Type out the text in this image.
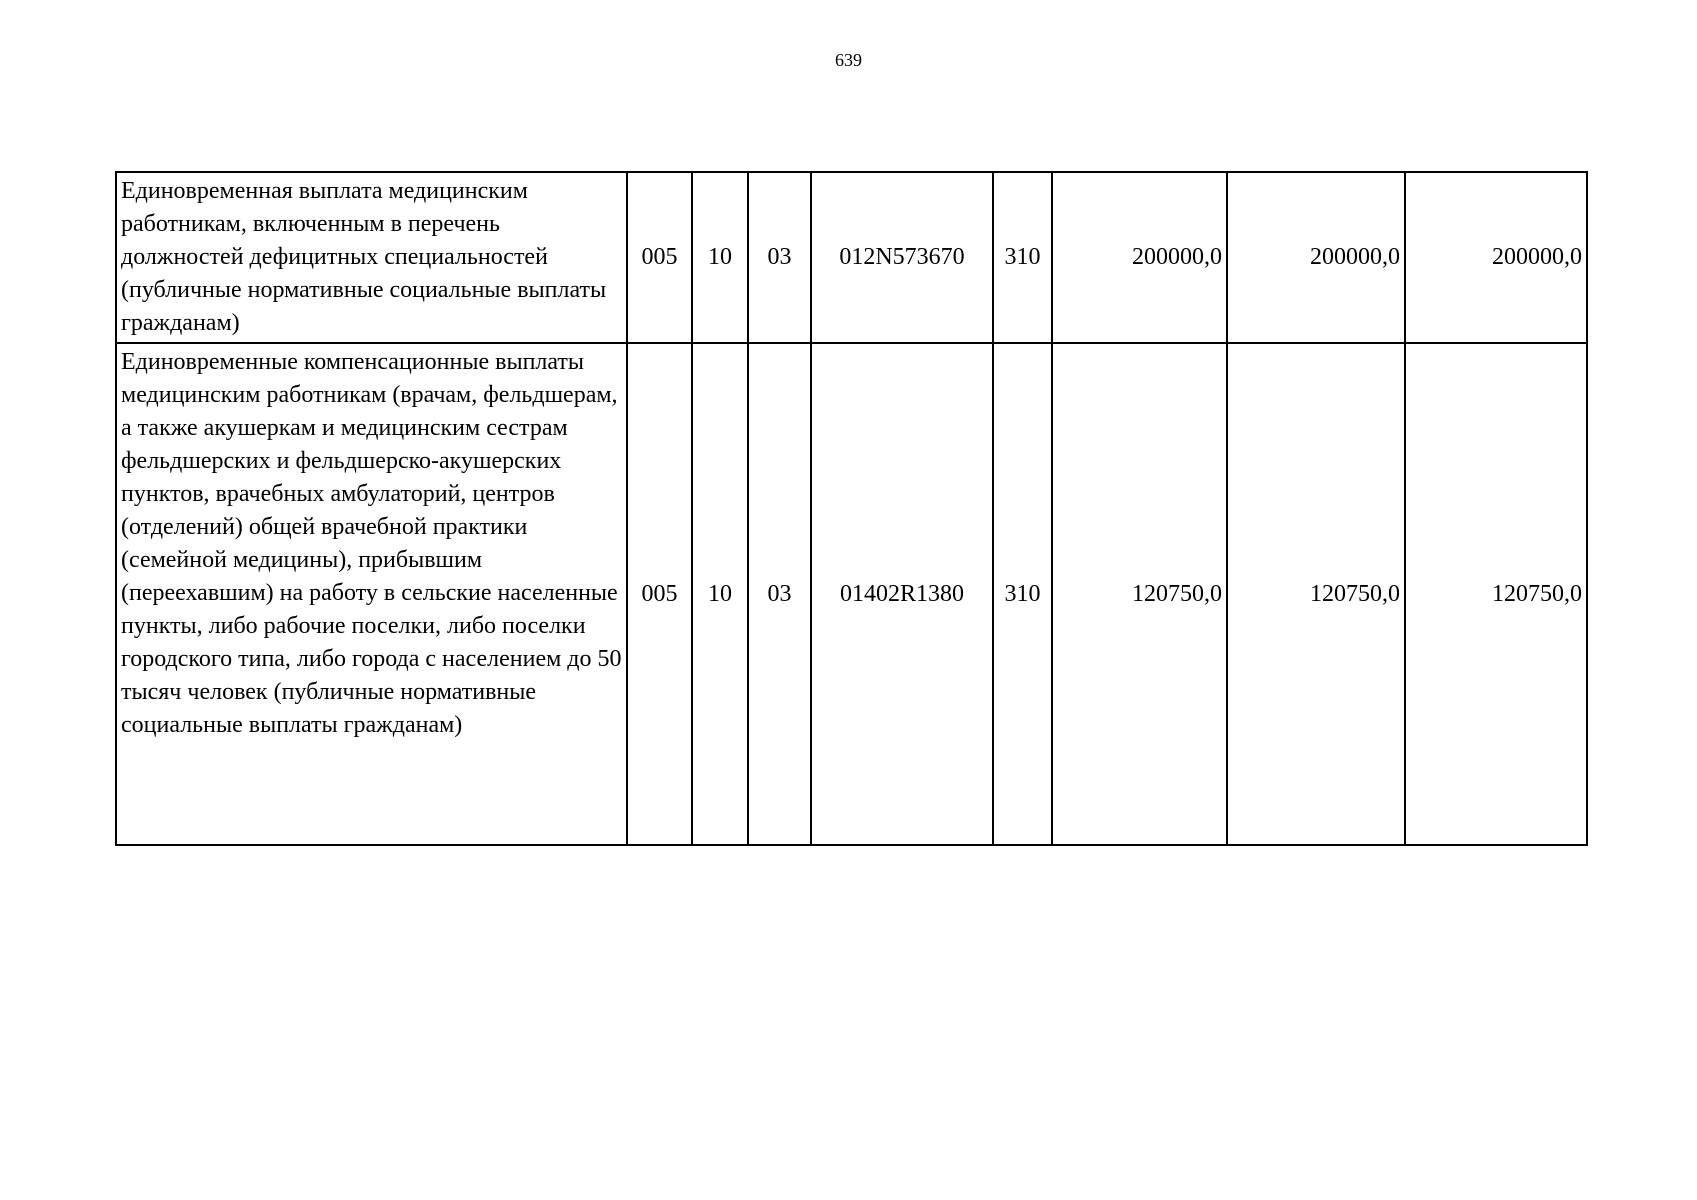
639
Единовременная выплата медицинским работникам, включенным в перечень должностей дефицитных специальностей (публичные нормативные социальные выплаты гражданам)	005	10	03	012N573670	310	200000,0	200000,0	200000,0
Единовременные компенсационные выплаты медицинским работникам (врачам, фельдшерам, а также акушеркам и медицинским сестрам фельдшерских и фельдшерско-акушерских пунктов, врачебных амбулаторий, центров (отделений) общей врачебной практики (семейной медицины), прибывшим (переехавшим) на работу в сельские населенные пункты, либо рабочие поселки, либо поселки городского типа, либо города с населением до 50 тысяч человек (публичные нормативные социальные выплаты гражданам)	005	10	03	01402R1380	310	120750,0	120750,0	120750,0
